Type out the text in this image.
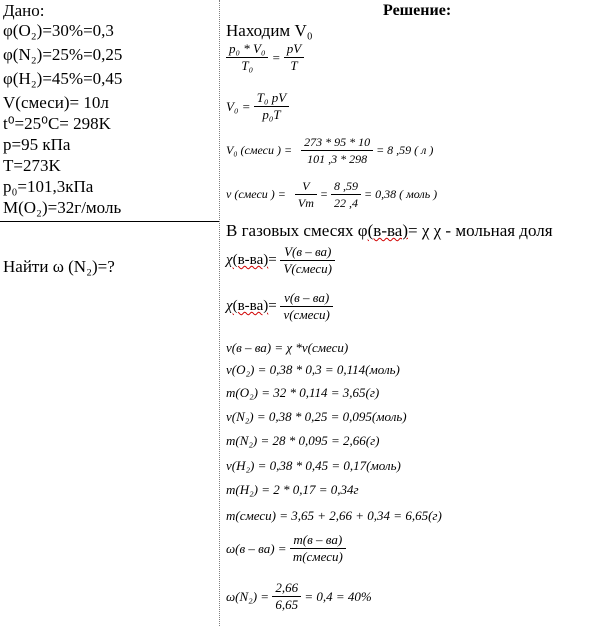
Дано:
φ(O₂)=30%=0,3
φ(N₂)=25%=0,25
φ(H₂)=45%=0,45
V(смеси)= 10л
t⁰=25⁰C= 298K
p=95 кПа
T=273K
p₀=101,3кПа
M(O₂)=32г/моль
Найти ω (N₂)=?
Решение:
Находим V₀
$\frac{\text{p₀ * V₀}}{\text{T₀}} = \frac{pV}{T}$
$V_0 = \frac{\text{T₀ pV}}{\text{p₀T}}$
V₀ (смеси ) = $\frac{273 * 95 * 10}{101 ,3 * 298} = 8$ ,59 ( л )
ν (смеси ) = $\frac{V}{Vm} = \frac{8 ,59}{22 ,4} = 0,38$ ( моль )
В газовых смесях φ(в-ва)= χ χ - мольная доля
$\chi(в-ва)= \frac{V(в - ва)}{\text{V(смеси)}}$
$\chi(в-ва)= \frac{\nu(в - ва)}{\text{ν(смеси)}}$
ν(в – ва) = χ *ν(смеси)
ν(O₂) = 0,38 * 0,3 = 0,114(моль)
m(O₂) = 32 * 0,114 = 3,65(г)
ν(N₂) = 0,38 * 0,25 = 0,095(моль)
m(N₂) = 28 * 0,095 = 2,66(г)
ν(H₂) = 0,38 * 0,45 = 0,17(моль)
m(H₂) = 2 * 0,17 = 0,34г
m(смеси) = 3,65 + 2,66 + 0,34 = 6,65(г)
$\omega(в - ва) = \frac{m(в - ва)}{\text{m(смеси)}}$
$\omega(N_2) = \frac{2,66}{6,65} = 0,4 = 40\%$
